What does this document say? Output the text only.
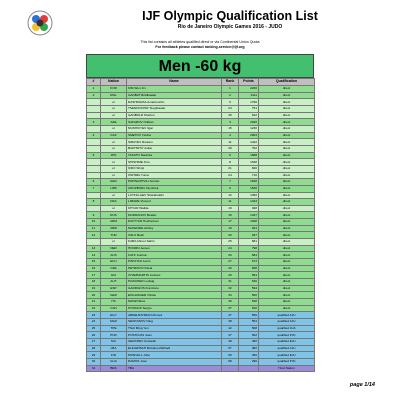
IJF Olympic Qualification List
Rio de Janeiro Olympic Games 2016 - JUDO
This list contains all athletes qualified direct or via Continental Union Quota
For feedback please contact ranking.service@ijf.org
Men -60 kg
#	Nation	Name	Rank	Points	Qualification
1	KOR	KIM Won Jin	1	2230	direct
2	MGL	GANBAT Boldbaatar	2	2111	direct
	or	DASHDAVAA Amartuvshin	5	1796	direct
	or	TSENDOCHIR Tsogtbaatar	23	751	direct
	or	GANBOLD Kherlen	30	622	direct
3	AZE	SAFAROV Orkhan	3	2040	direct
	or	MUSHKIYEV Ilgar	15	1230	direct
4	KAZ	SMETOV Yeldos	4	2003	direct
	or	SIRAYEV Rustam	11	1422	direct
	or	BAKHSHIY Askar	28	702	direct
5	JPN	TAKATO Naohisa	6	1688	direct
	or	SHISHIME Toru	8	1548	direct
	or	KIDO Shinji	21	840	direct
	or	OSHIMA Yuma	24	716	direct
6	GEO	PAPINASHVILI Amiran	7	1648	direct
7	UZB	UROZBOEV Diyorbek	9	1530	direct
	or	LUTFILLAEV Sharafuddin	12	1350	direct
8	FRA	LIMARE Vincent	11	1443	direct
	or	KHYAR Walide	19	928	direct
9	RUS	MUDRANOV Beslan	16	1347	direct
10	ARM	DAVTYAN Hovhannes	17	1028	direct
11	GBR	McKENZIE Ashley	19	944	direct
12	TUR	OZLU Bekir	20	937	direct
	or	KABA Ahmet Sahin	25	681	direct
13	NED	HOORN Jeroen	24	798	direct
14	AUS	KATZ Joshua	26	684	direct
15	ECU	PINCHAO Lenin	27	673	direct
16	CZE	PETRIKOV Pavel	29	658	direct
17	GUI	CHAMMARTIN Ludovic	29	654	direct
18	AUT	PAISCHER Ludwig	31	630	direct
19	ESP	GARRIGOS Francisco	32	594	direct
20	GER	ENGLMAIER Tobias	33	560	direct
21	ITA	MANZI Elios	36	528	direct
22	CAN	POSSICK Sergio	37	520	direct
23	EGY	ABDELRAHMAN Ahmed	37	556	qualified AJU
24	MGZ	SEISTANOV Oleg	38	554	qualified AJU
25	TPE	TSAI Ming Yen	42	508	qualified JUA
26	PUR	POSTIGOS Juan	47	502	qualified PJC
27	SUI	GERCHEV Kostadin	48	490	qualified EJU
28	LBA	ELKAWISAH Mohamed Elhadi	57	382	qualified AJU
29	FIN	MONVALL Juho	59	350	qualified EJU
30	GUA	RAMOS Jose	68	296	qualified PJC
31	BRA	TBA			Host Nation
page 1/14
